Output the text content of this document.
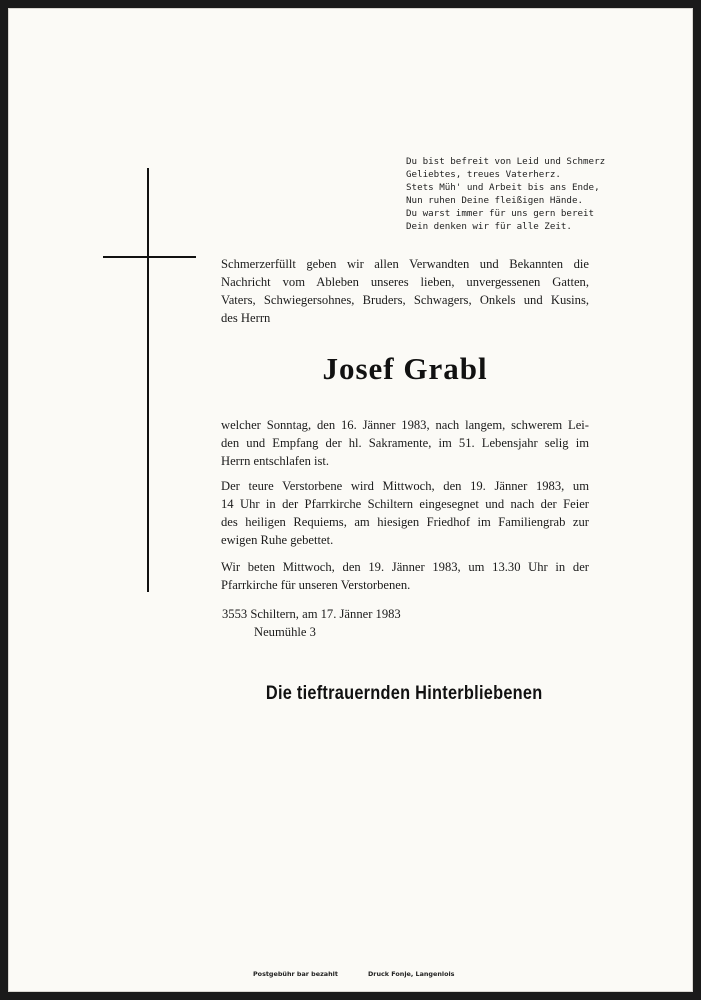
Du bist befreit von Leid und Schmerz
Geliebtes, treues Vaterherz.
Stets Müh' und Arbeit bis ans Ende,
Nun ruhen Deine fleißigen Hände.
Du warst immer für uns gern bereit
Dein denken wir für alle Zeit.

Schmerzerfüllt geben wir allen Verwandten und Bekannten die
Nachricht vom Ableben unseres lieben, unvergessenen Gatten,
Vaters, Schwiegersohnes, Bruders, Schwagers, Onkels und Kusins,
des Herrn

Josef Grabl

welcher Sonntag, den 16. Jänner 1983, nach langem, schwerem Lei-
den und Empfang der hl. Sakramente, im 51. Lebensjahr selig im
Herrn entschlafen ist.

Der teure Verstorbene wird Mittwoch, den 19. Jänner 1983, um
14 Uhr in der Pfarrkirche Schiltern eingesegnet und nach der Feier
des heiligen Requiems, am hiesigen Friedhof im Familiengrab zur
ewigen Ruhe gebettet.

Wir beten Mittwoch, den 19. Jänner 1983, um 13.30 Uhr in der
Pfarrkirche für unseren Verstorbenen.

3553 Schiltern, am 17. Jänner 1983
Neumühle 3
Die tieftrauernden Hinterbliebenen
Postgebühr bar bezahlt	Druck Fonje, Langenlois
